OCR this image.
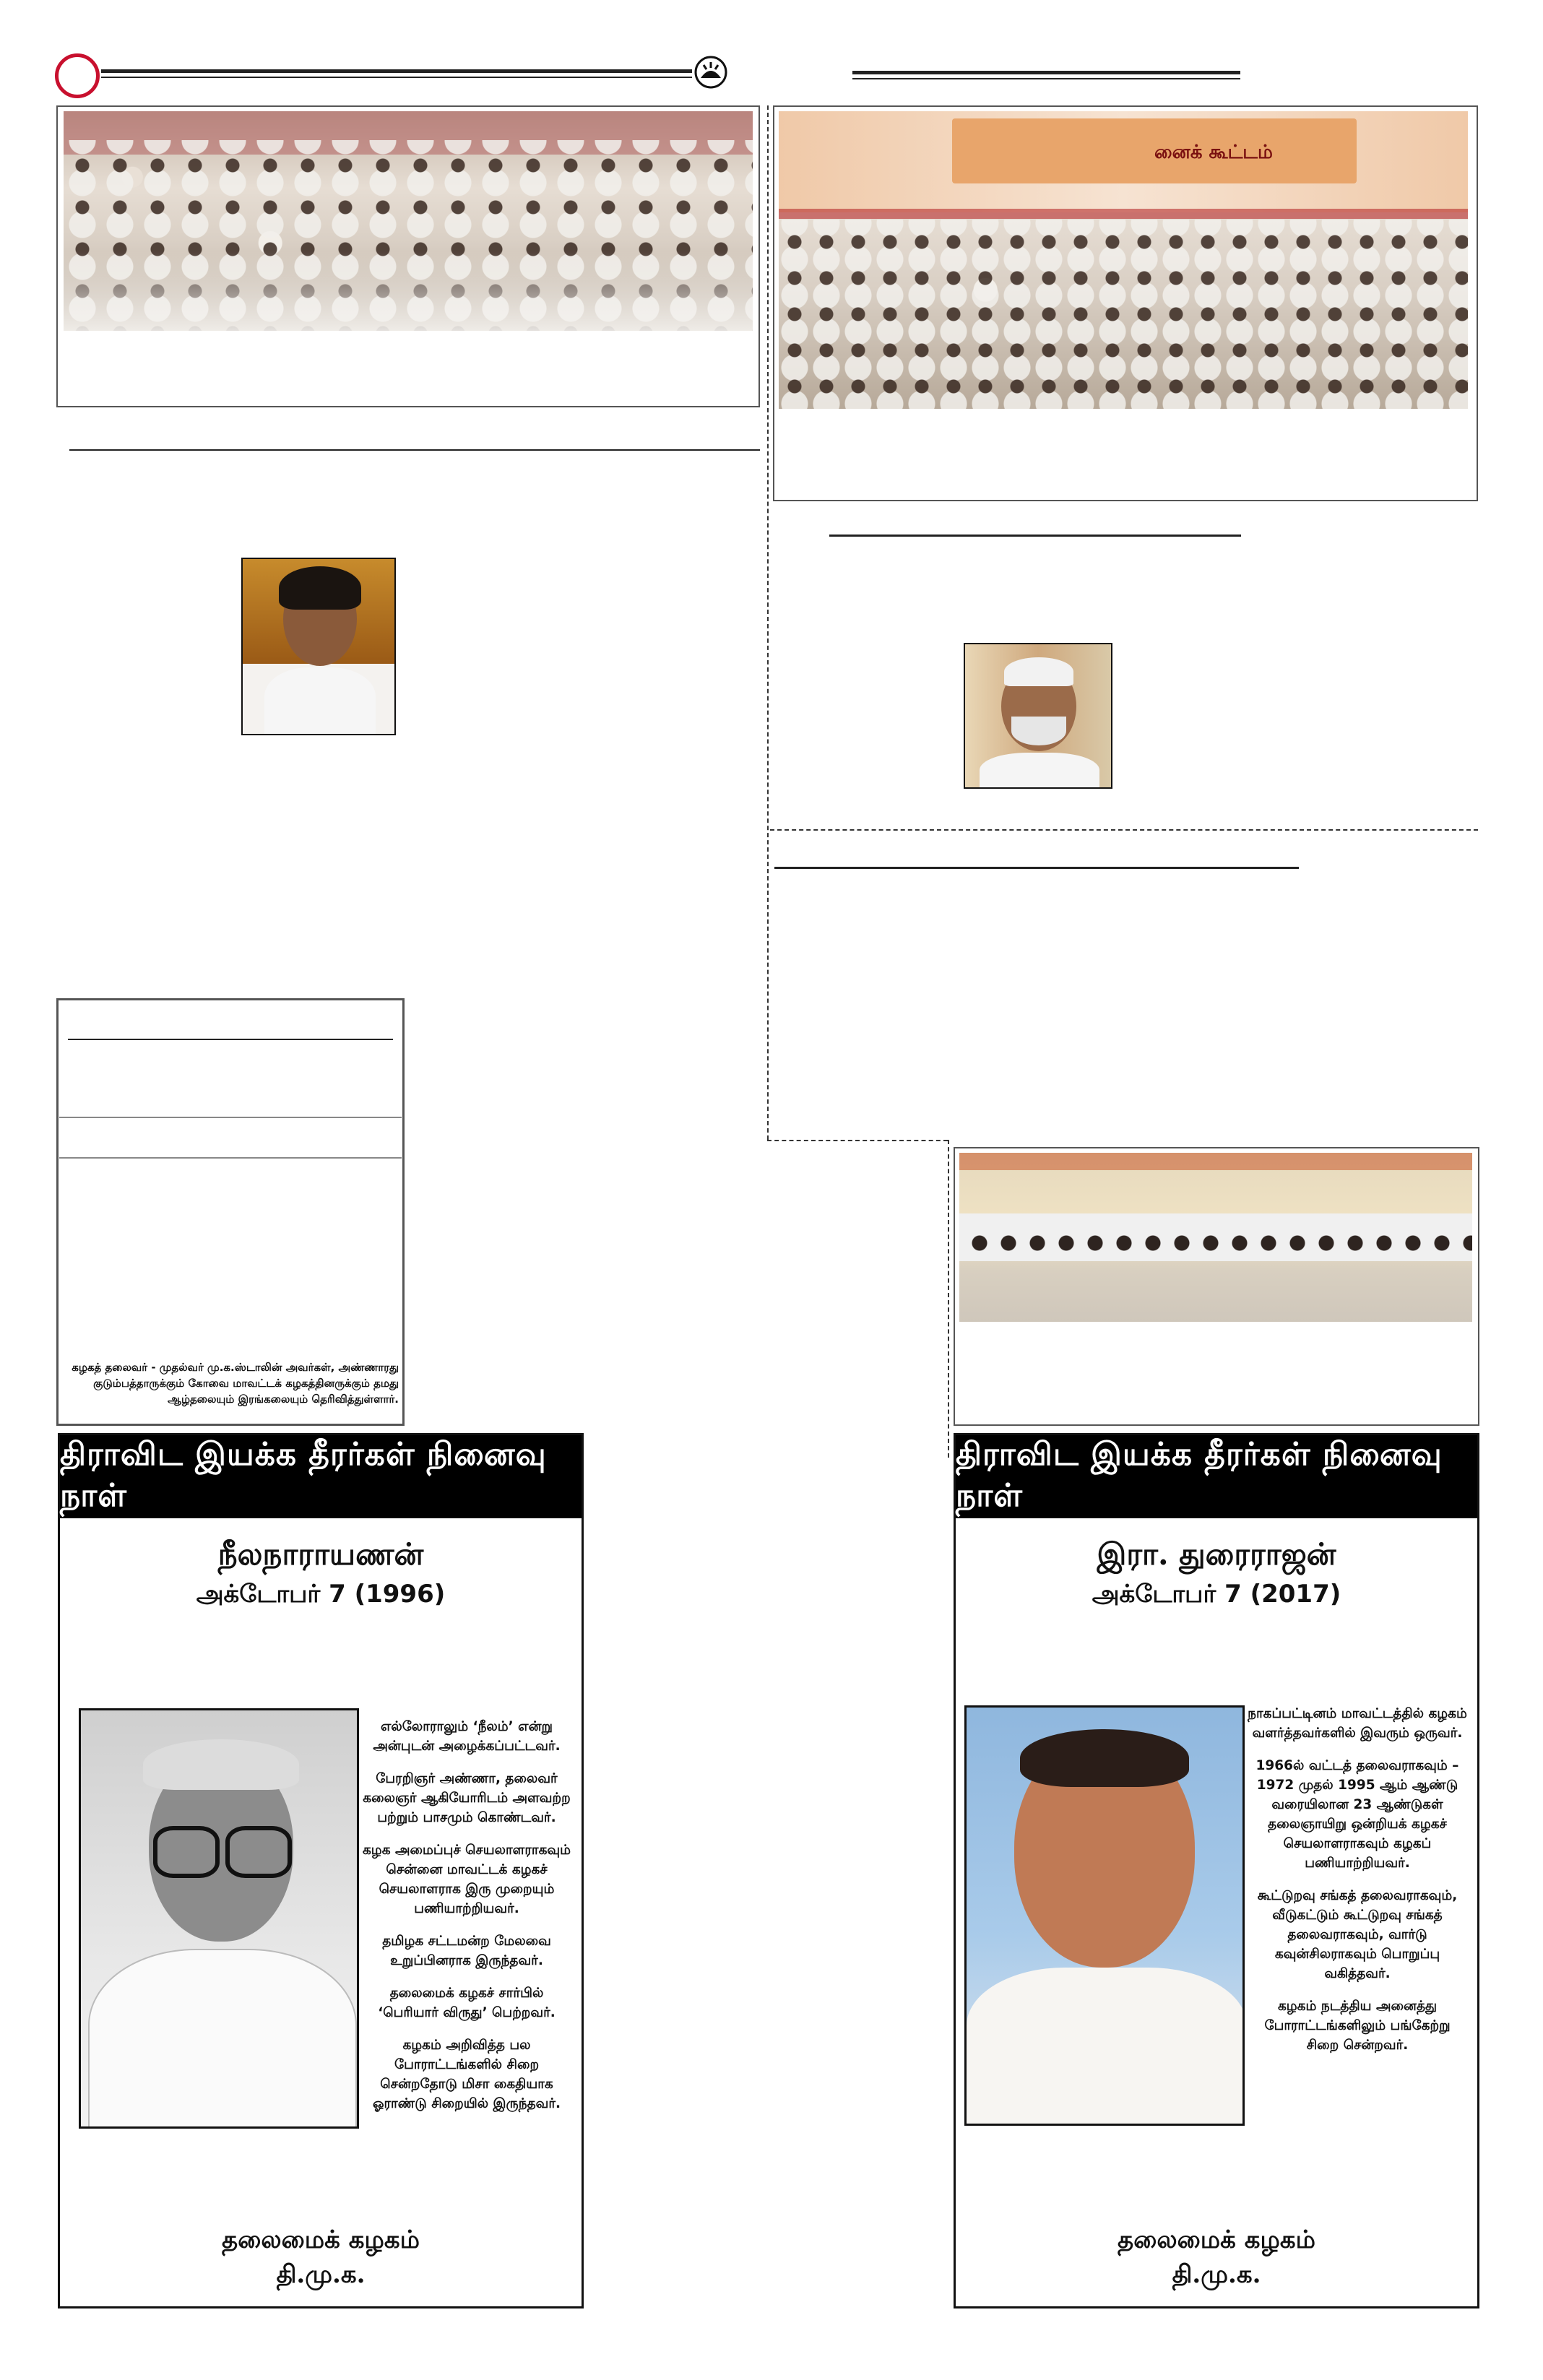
னைக் கூட்டம்
கழகத் தலைவர் - முதல்வர் மு.க.ஸ்டாலின் அவர்கள், அண்ணாரது குடும்பத்தாருக்கும் கோவை மாவட்டக் கழகத்தினருக்கும் தமது ஆழ்தலையும் இரங்கலையும் தெரிவித்துள்ளார்.
திராவிட இயக்க தீரர்கள் நினைவு நாள்
நீலநாராயணன்
அக்டோபர் 7 (1996)

எல்லோராலும் ‘நீலம்’ என்று அன்புடன் அழைக்கப்பட்டவர்.

பேரறிஞர் அண்ணா, தலைவர் கலைஞர் ஆகியோரிடம் அளவற்ற பற்றும் பாசமும் கொண்டவர்.

கழக அமைப்புச் செயலாளராகவும் சென்னை மாவட்டக் கழகச் செயலாளராக இரு முறையும் பணியாற்றியவர்.

தமிழக சட்டமன்ற மேலவை உறுப்பினராக இருந்தவர்.

தலைமைக் கழகச் சார்பில் ‘பெரியார் விருது’ பெற்றவர்.

கழகம் அறிவித்த பல போராட்டங்களில் சிறை சென்றதோடு மிசா கைதியாக ஓராண்டு சிறையில் இருந்தவர்.

தலைமைக் கழகம்
தி.மு.க.
திராவிட இயக்க தீரர்கள் நினைவு நாள்
இரா. துரைராஜன்
அக்டோபர் 7 (2017)

நாகப்பட்டினம் மாவட்டத்தில் கழகம் வளர்த்தவர்களில் இவரும் ஒருவர்.

1966ல் வட்டத் தலைவராகவும் – 1972 முதல் 1995 ஆம் ஆண்டு வரையிலான 23 ஆண்டுகள் தலைஞாயிறு ஒன்றியக் கழகச் செயலாளராகவும் கழகப் பணியாற்றியவர்.

கூட்டுறவு சங்கத் தலைவராகவும், வீடுகட்டும் கூட்டுறவு சங்கத் தலைவராகவும், வார்டு கவுன்சிலராகவும் பொறுப்பு வகித்தவர்.

கழகம் நடத்திய அனைத்து போராட்டங்களிலும் பங்கேற்று சிறை சென்றவர்.

தலைமைக் கழகம்
தி.மு.க.
